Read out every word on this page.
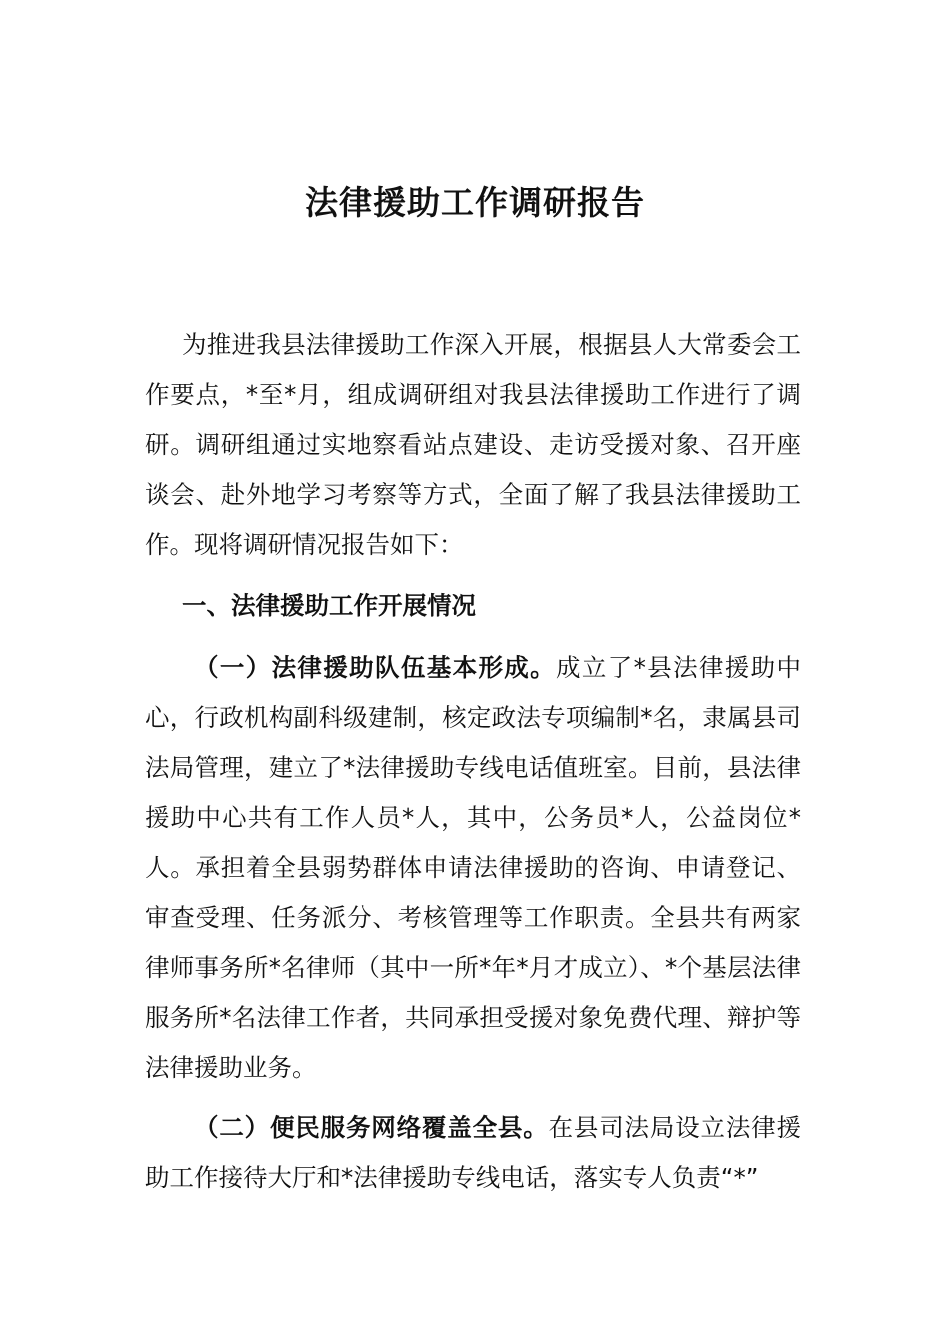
法律援助工作调研报告
为推进我县法律援助工作深入开展，根据县人大常委会工作要点，*至*月，组成调研组对我县法律援助工作进行了调研。调研组通过实地察看站点建设、走访受援对象、召开座谈会、赴外地学习考察等方式，全面了解了我县法律援助工作。现将调研情况报告如下：
一、法律援助工作开展情况
（一）法律援助队伍基本形成。成立了*县法律援助中心，行政机构副科级建制，核定政法专项编制*名，隶属县司法局管理，建立了*法律援助专线电话值班室。目前，县法律援助中心共有工作人员*人，其中，公务员*人，公益岗位*人。承担着全县弱势群体申请法律援助的咨询、申请登记、审查受理、任务派分、考核管理等工作职责。全县共有两家律师事务所*名律师（其中一所*年*月才成立）、*个基层法律服务所*名法律工作者，共同承担受援对象免费代理、辩护等法律援助业务。
（二）便民服务网络覆盖全县。在县司法局设立法律援助工作接待大厅和*法律援助专线电话，落实专人负责“*”
